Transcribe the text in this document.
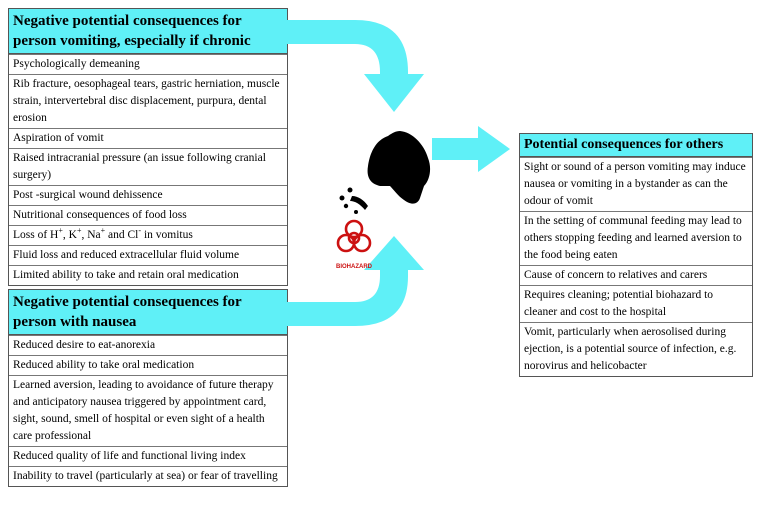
Negative potential consequences for
person vomiting, especially if chronic
Psychologically demeaning
Rib fracture, oesophageal tears, gastric herniation, muscle strain, intervertebral disc displacement, purpura, dental erosion
Aspiration of vomit
Raised intracranial pressure (an issue following cranial surgery)
Post -surgical wound dehissence
Nutritional consequences of food loss
Loss of H+, K+, Na+ and Cl- in vomitus
Fluid loss and reduced extracellular fluid volume
Limited ability to take and retain oral medication
Negative potential consequences for
person with nausea
Reduced desire to eat-anorexia
Reduced ability to take oral medication
Learned aversion, leading to avoidance of future therapy and anticipatory nausea triggered by appointment card, sight, sound, smell of hospital or even sight of a health care professional
Reduced quality of life and functional living index
Inability to travel (particularly at sea) or fear of travelling
Potential consequences for others
Sight or sound of a person vomiting may induce nausea or vomiting in a bystander as can the odour of vomit
In the setting of communal feeding may lead to others stopping feeding and learned aversion to the food being eaten
Cause of concern to relatives and carers
Requires cleaning; potential biohazard to cleaner and cost to the hospital
Vomit, particularly when aerosolised during ejection, is a potential source of infection, e.g. norovirus and helicobacter
BIOHAZARD
